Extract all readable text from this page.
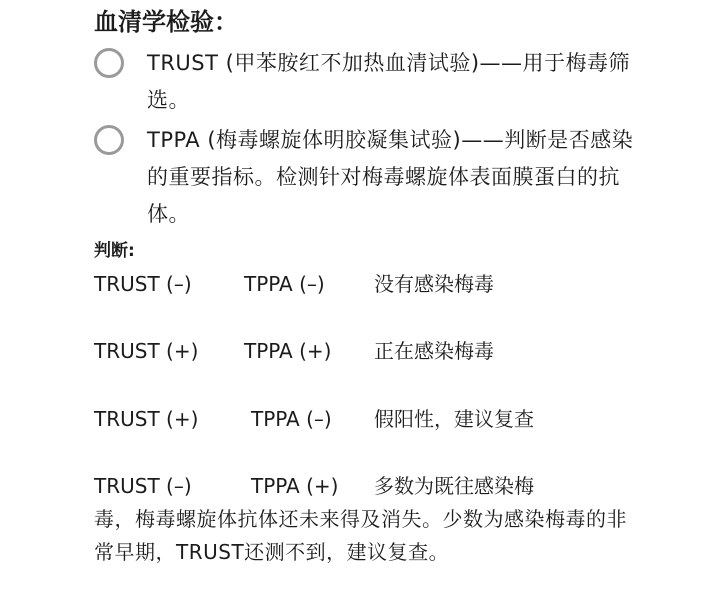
血清学检验：
TRUST (甲苯胺红不加热血清试验)——用于梅毒筛选。
TPPA (梅毒螺旋体明胶凝集试验)——判断是否感染的重要指标。检测针对梅毒螺旋体表面膜蛋白的抗体。
判断:
TRUST (–)	TPPA (–) 没有感染梅毒
TRUST (+) TPPA (+) 正在感染梅毒
TRUST (+)	TPPA (–) 假阳性，建议复查
TRUST (–)	TPPA (+) 多数为既往感染梅
毒，梅毒螺旋体抗体还未来得及消失。少数为感染梅毒的非常早期，TRUST还测不到，建议复查。
